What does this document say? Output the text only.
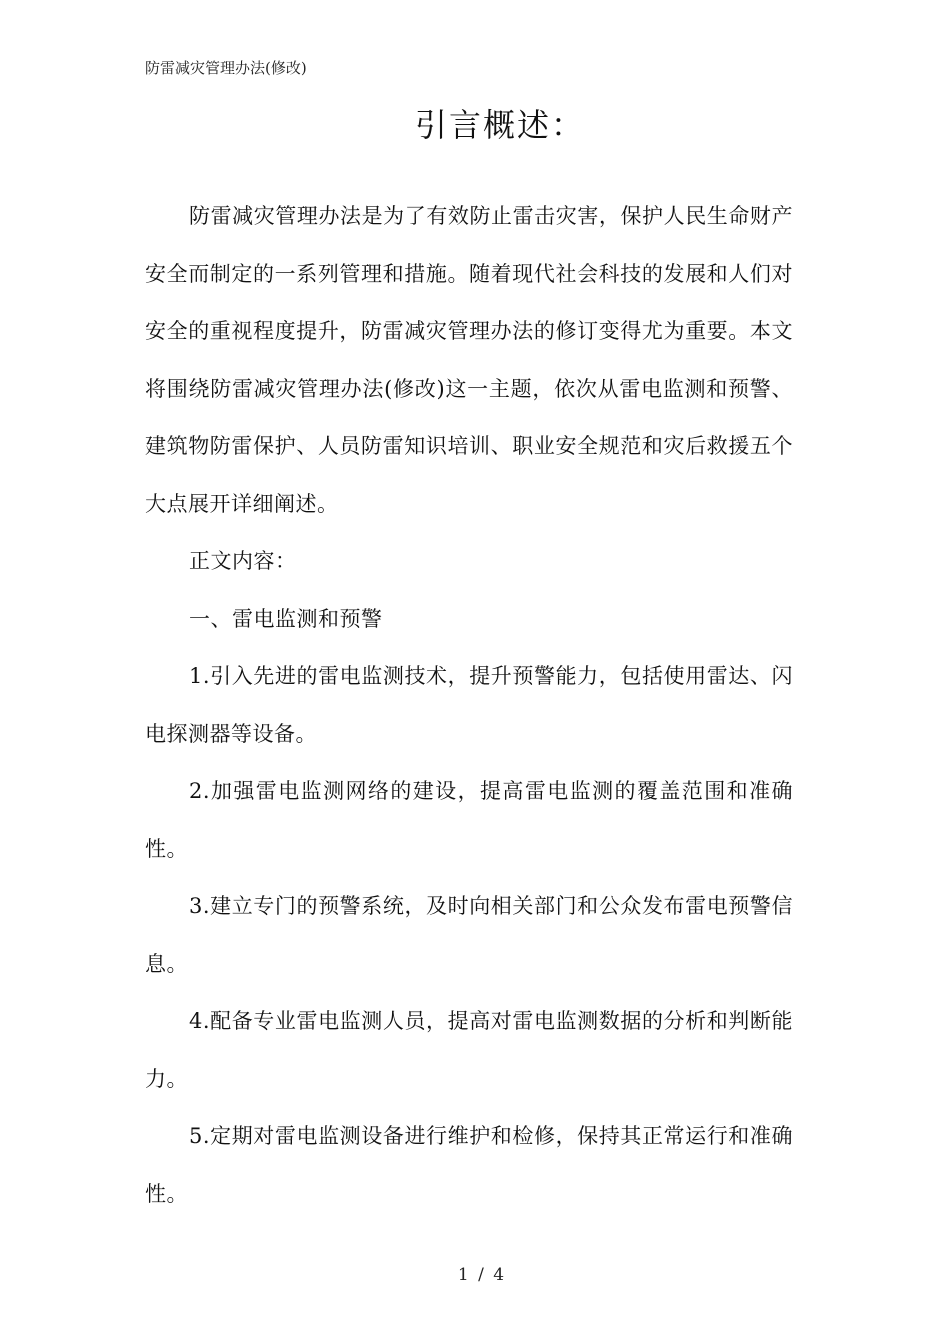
防雷减灾管理办法(修改)
引言概述：

防雷减灾管理办法是为了有效防止雷击灾害，保护人民生命财产安全而制定的一系列管理和措施。随着现代社会科技的发展和人们对安全的重视程度提升，防雷减灾管理办法的修订变得尤为重要。本文将围绕防雷减灾管理办法(修改)这一主题，依次从雷电监测和预警、建筑物防雷保护、人员防雷知识培训、职业安全规范和灾后救援五个大点展开详细阐述。

正文内容：

一、雷电监测和预警

1.引入先进的雷电监测技术，提升预警能力，包括使用雷达、闪电探测器等设备。

2.加强雷电监测网络的建设，提高雷电监测的覆盖范围和准确性。

3.建立专门的预警系统，及时向相关部门和公众发布雷电预警信息。

4.配备专业雷电监测人员，提高对雷电监测数据的分析和判断能力。

5.定期对雷电监测设备进行维护和检修，保持其正常运行和准确性。

1 / 4
